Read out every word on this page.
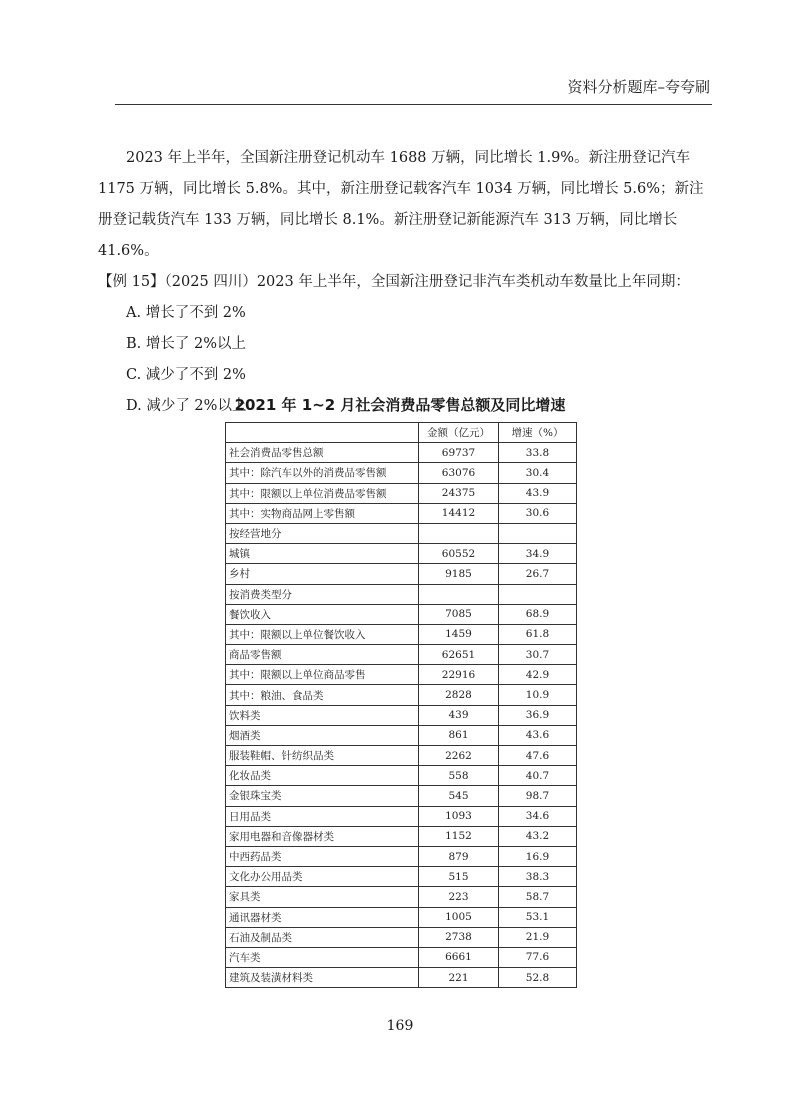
资料分析题库–夸夸刷

2023 年上半年，全国新注册登记机动车 1688 万辆，同比增长 1.9%。新注册登记汽车 1175 万辆，同比增长 5.8%。其中，新注册登记载客汽车 1034 万辆，同比增长 5.6%；新注册登记载货汽车 133 万辆，同比增长 8.1%。新注册登记新能源汽车 313 万辆，同比增长 41.6%。

【例 15】（2025 四川）2023 年上半年，全国新注册登记非汽车类机动车数量比上年同期：

A. 增长了不到 2%

B. 增长了 2%以上

C. 减少了不到 2%

D. 减少了 2%以上

2021 年 1~2 月社会消费品零售总额及同比增速
	金额（亿元）	增速（%）
社会消费品零售总额	69737	33.8
其中：除汽车以外的消费品零售额	63076	30.4
其中：限额以上单位消费品零售额	24375	43.9
其中：实物商品网上零售额	14412	30.6
按经营地分		
城镇	60552	34.9
乡村	9185	26.7
按消费类型分		
餐饮收入	7085	68.9
其中：限额以上单位餐饮收入	1459	61.8
商品零售额	62651	30.7
其中：限额以上单位商品零售	22916	42.9
其中：粮油、食品类	2828	10.9
饮料类	439	36.9
烟酒类	861	43.6
服装鞋帽、针纺织品类	2262	47.6
化妆品类	558	40.7
金银珠宝类	545	98.7
日用品类	1093	34.6
家用电器和音像器材类	1152	43.2
中西药品类	879	16.9
文化办公用品类	515	38.3
家具类	223	58.7
通讯器材类	1005	53.1
石油及制品类	2738	21.9
汽车类	6661	77.6
建筑及装潢材料类	221	52.8
169
